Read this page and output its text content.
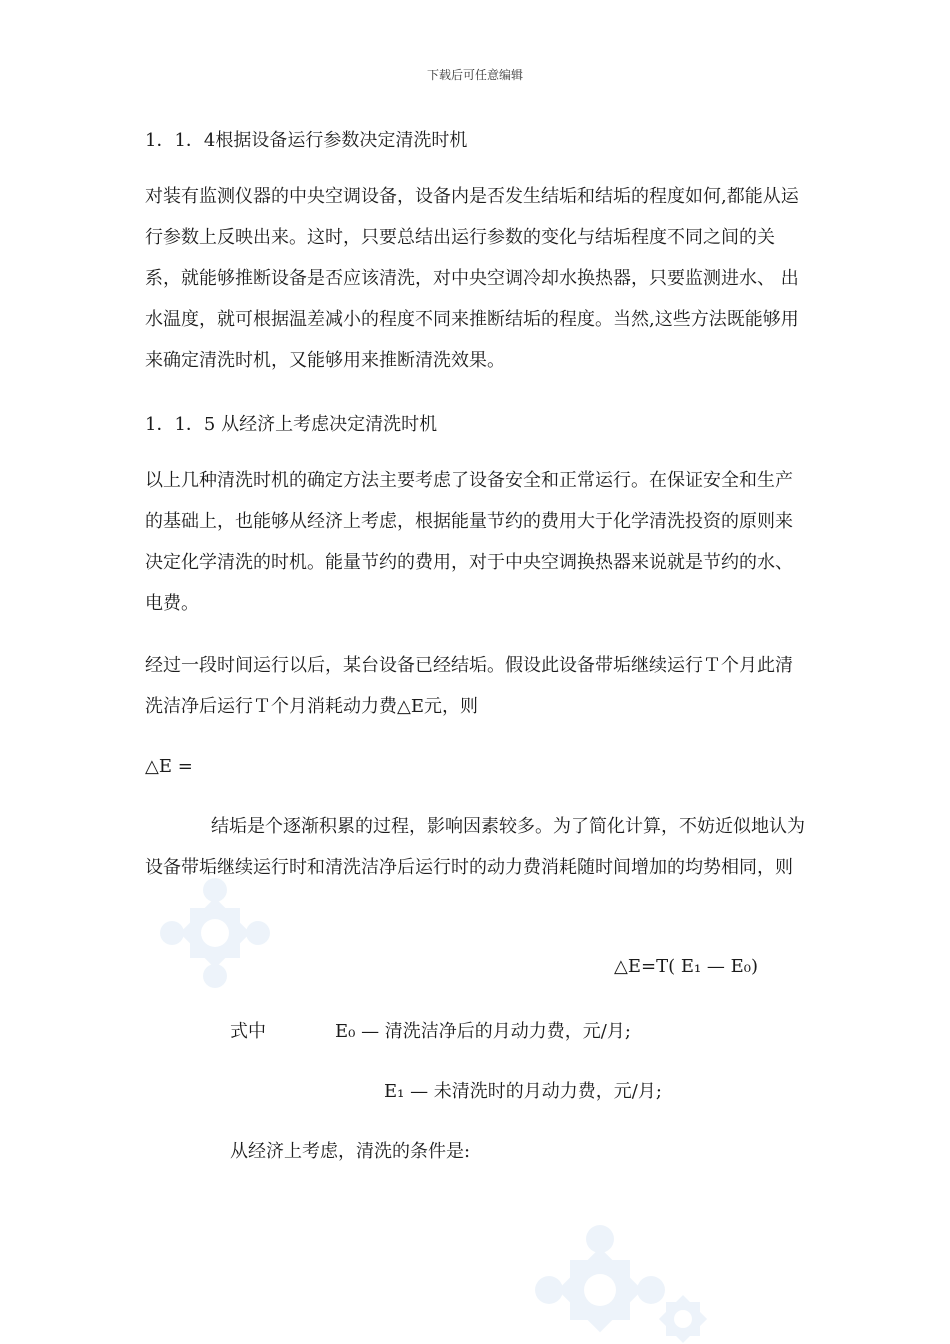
下载后可任意编辑
1．1．4根据设备运行参数决定清洗时机

对装有监测仪器的中央空调设备，设备内是否发生结垢和结垢的程度如何,都能从运行参数上反映出来。这时，只要总结出运行参数的变化与结垢程度不同之间的关系，就能够推断设备是否应该清洗，对中央空调冷却水换热器，只要监测进水、 出水温度，就可根据温差减小的程度不同来推断结垢的程度。当然,这些方法既能够用来确定清洗时机，又能够用来推断清洗效果。

1．1．5 从经济上考虑决定清洗时机

以上几种清洗时机的确定方法主要考虑了设备安全和正常运行。在保证安全和生产的基础上，也能够从经济上考虑，根据能量节约的费用大于化学清洗投资的原则来决定化学清洗的时机。能量节约的费用，对于中央空调换热器来说就是节约的水、 电费。

经过一段时间运行以后，某台设备已经结垢。假设此设备带垢继续运行Ｔ个月此清洗洁净后运行Ｔ个月消耗动力费△E元，则

△E =

结垢是个逐渐积累的过程，影响因素较多。为了简化计算，不妨近似地认为设备带垢继续运行时和清洗洁净后运行时的动力费消耗随时间增加的均势相同，则

△E=T( E₁ — E₀)
式中	E₀ — 清洗洁净后的月动力费，元/月;
E₁ — 未清洗时的月动力费，元/月;
从经济上考虑，清洗的条件是:
